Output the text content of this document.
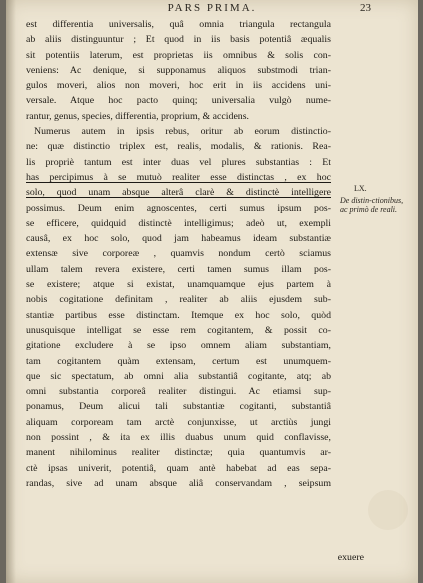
PARS PRIMA.	23
est differentia universalis, quâ omnia triangula rectangula
ab aliis distinguuntur ; Et quod in iis basis potentiâ æqualis
sit potentiis laterum, est proprietas iis omnibus & solis con-
veniens: Ac denique, si supponamus aliquos substmodi trian-
gulos moveri, alios non moveri, hoc erit in iis accidens uni-
versale. Atque hoc pacto quinq; universalia vulgò nume-
rantur, genus, species, differentia, proprium, & accidens.
Numerus autem in ipsis rebus, oritur ab eorum distinctio-
ne: quæ distinctio triplex est, realis, modalis, & rationis. Rea-
lis propriè tantum est inter duas vel plures substantias : Et
has percipimus à se mutuò realiter esse distinctas , ex hoc
solo, quod unam absque alterâ clarè & distinctè intelligere
possimus. Deum enim agnoscentes, certi sumus ipsum pos-
se efficere, quidquid distinctè intelligimus; adeò ut, exempli
causâ, ex hoc solo, quod jam habeamus ideam substantiæ
extensæ sive corporeæ , quamvis nondum certò sciamus
ullam talem revera existere, certi tamen sumus illam pos-
se existere; atque si existat, unamquamque ejus partem à
nobis cogitatione definitam , realiter ab aliis ejusdem sub-
stantiæ partibus esse distinctam. Itemque ex hoc solo, quòd
unusquisque intelligat se esse rem cogitantem, & possit co-
gitatione excludere à se ipso omnem aliam substantiam,
tam cogitantem quàm extensam, certum est unumquem-
que sic spectatum, ab omni alia substantiâ cogitante, atq; ab
omni substantia corporeâ realiter distingui. Ac etiamsi sup-
ponamus, Deum alicui tali substantiæ cogitanti, substantiâ
aliquam corpoream tam arctè conjunxisse, ut arctiùs jungi
non possint , & ita ex illis duabus unum quid conflavisse,
manent nihilominus realiter distinctæ; quia quantumvis ar-
ctè ipsas univerit, potentiâ, quam antè habebat ad eas sepa-
randas, sive ad unam absque aliâ conservandam , seipsum
LX.
De distin-ctionibus, ac primò de reali.
exuere
